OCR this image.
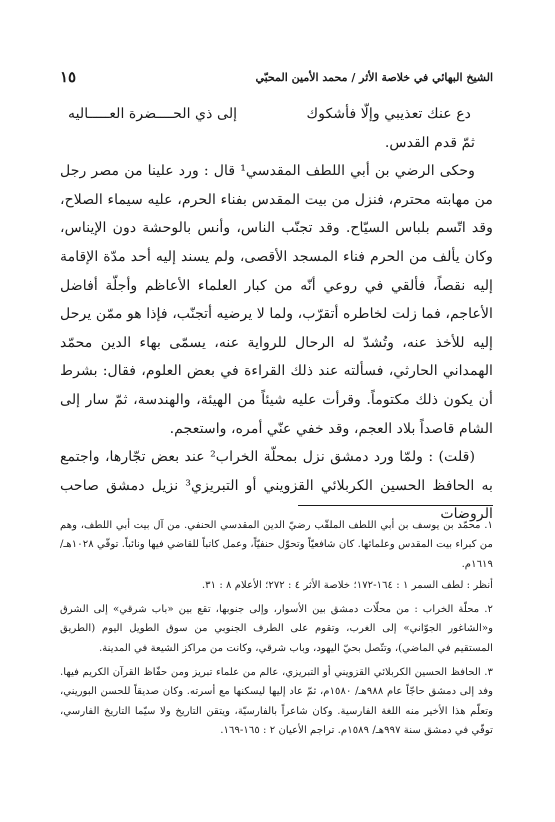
الشيخ البهائي في خلاصة الأثر / محمد الأمين المحبّي
١٥
دع عنك تعذيبي وإلّا فأشكوك
إلى ذي الحــــضرة العـــــاليه

ثمّ قدم القدس.

وحكى الرضي بن أبي اللطف المقدسي¹ قال : ورد علينا من مصر رجل من مهابته محترم، فنزل من بيت المقدس بفناء الحرم، عليه سيماء الصلاح، وقد اتّسم بلباس السيّاح. وقد تجنّب الناس، وأنس بالوحشة دون الإيناس، وكان يألف من الحرم فناء المسجد الأقصى، ولم يسند إليه أحد مدّة الإقامة إليه نقصاً، فألقي في روعي أنّه من كبار العلماء الأعاظم وأجلّة أفاضل الأعاجم، فما زلت لخاطره أتقرّب، ولما لا يرضيه أتجنّب، فإذا هو ممّن يرحل إليه للأخذ عنه، وتُشدّ له الرحال للرواية عنه، يسمّى بهاء الدين محمّد الهمداني الحارثي، فسألته عند ذلك القراءة في بعض العلوم، فقال: بشرط أن يكون ذلك مكتوماً. وقرأت عليه شيئاً من الهيئة، والهندسة، ثمّ سار إلى الشام قاصداً بلاد العجم، وقد خفي عنّي أمره، واستعجم.

(قلت) : ولمّا ورد دمشق نزل بمحلّة الخراب² عند بعض تجّارها، واجتمع به الحافظ الحسين الكربلائي القزويني أو التبريزي³ نزيل دمشق صاحب الروضات

١. محمّد بن يوسف بن أبي اللطف الملقّب رضيّ الدين المقدسي الحنفي. من آل بيت أبي اللطف، وهم من كبراء بيت المقدس وعلمائها. كان شافعيّاً وتحوّل حنفيّاً، وعمل كاتباً للقاضي فيها ونائباً. توفّي ١٠٢٨هـ/ ١٦١٩م.

أنظر : لطف السمر ١ : ١٦٤-١٧٢؛ خلاصة الأثر ٤ : ٢٧٢؛ الأعلام ٨ : ٣١.

٢. محلّة الخراب : من محلّات دمشق بين الأسوار، وإلى جنوبها، تقع بين «باب شرقي» إلى الشرق و«الشاغور الجوّاني» إلى الغرب، وتقوم على الطرف الجنوبي من سوق الطويل اليوم (الطريق المستقيم في الماضي)، وتتّصل بحيّ اليهود، وباب شرقي، وكانت من مراكز الشيعة في المدينة.

٣. الحافظ الحسين الكربلائي القزويني أو التبريزي، عالم من علماء تبريز ومن حفّاظ القرآن الكريم فيها. وفد إلى دمشق حاجّاً عام ٩٨٨هـ/ ١٥٨٠م، ثمّ عاد إليها ليسكنها مع أسرته. وكان صديقاً للحسن البوريني، وتعلّم هذا الأخير منه اللغة الفارسية. وكان شاعراً بالفارسيّة، ويتقن التاريخ ولا سيّما التاريخ الفارسي، توفّي في دمشق سنة ٩٩٧هـ/ ١٥٨٩م. تراجم الأعيان ٢ : ١٦٥-١٦٩.
